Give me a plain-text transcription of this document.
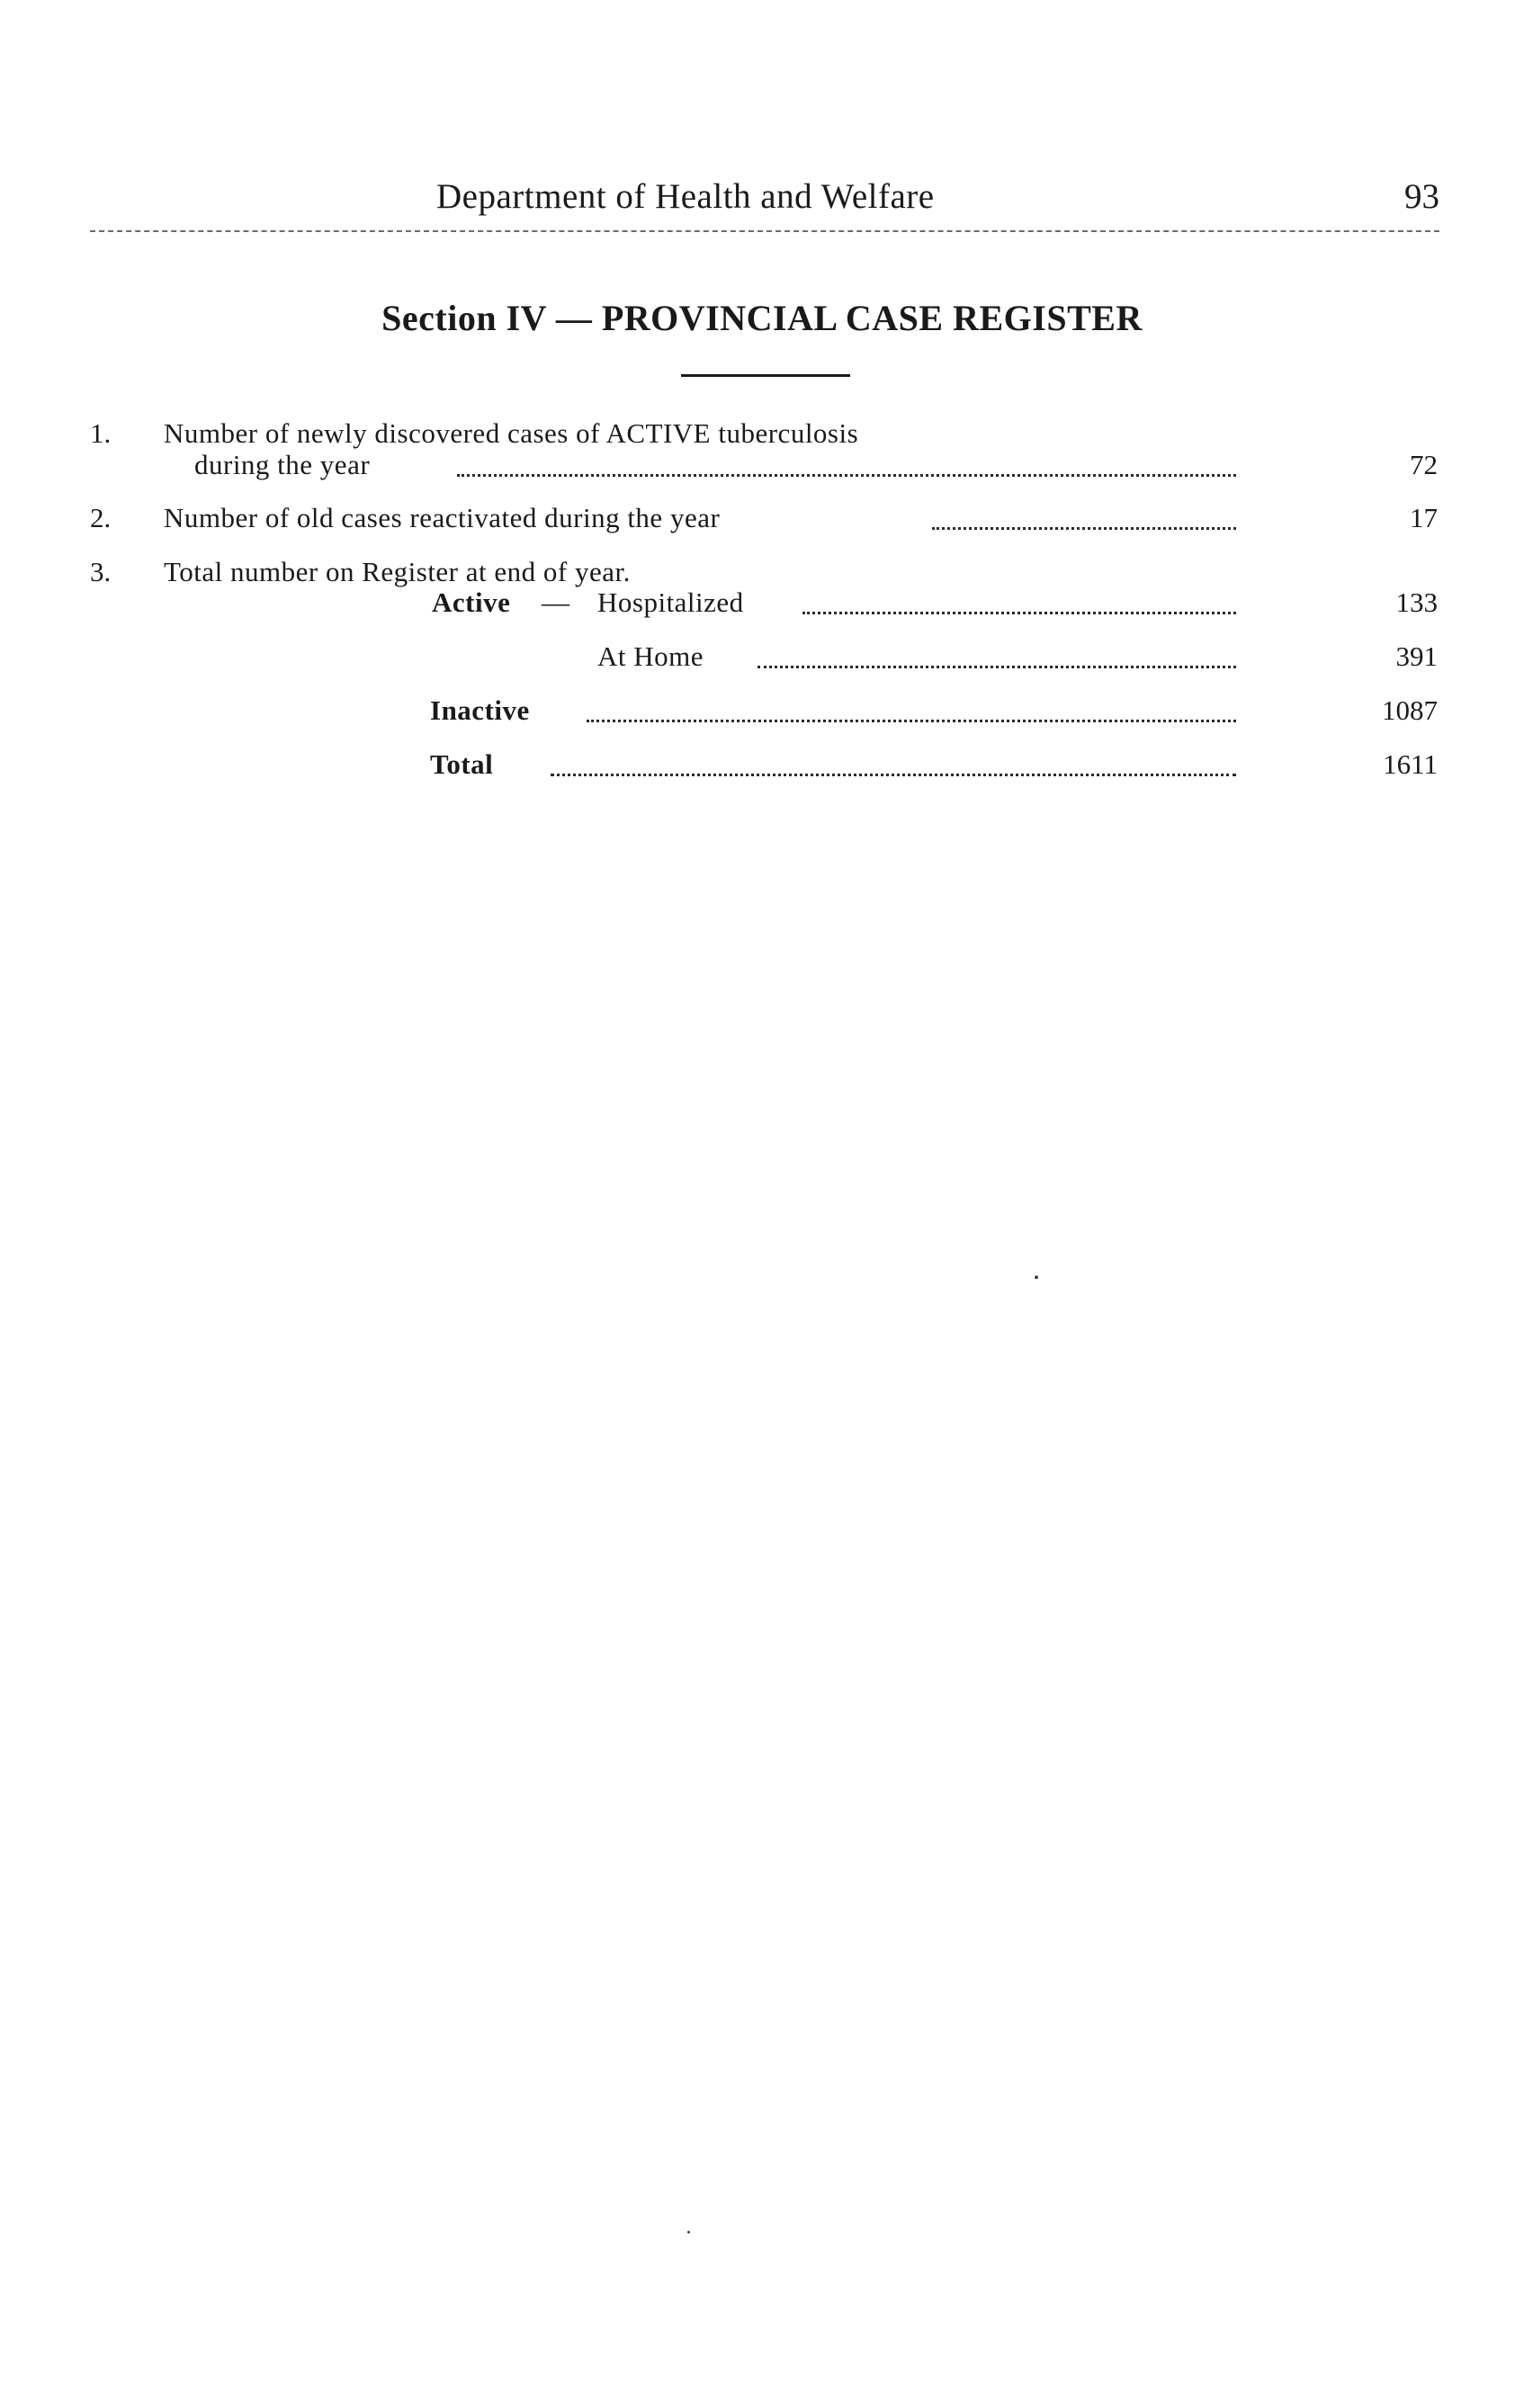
Department of Health and Welfare	93
Section IV — PROVINCIAL CASE REGISTER
1. Number of newly discovered cases of ACTIVE tuberculosis
during the year	72
2. Number of old cases reactivated during the year	17
3. Total number on Register at end of year.
Active — Hospitalized	133
At Home	391
Inactive	1087
Total	1611
